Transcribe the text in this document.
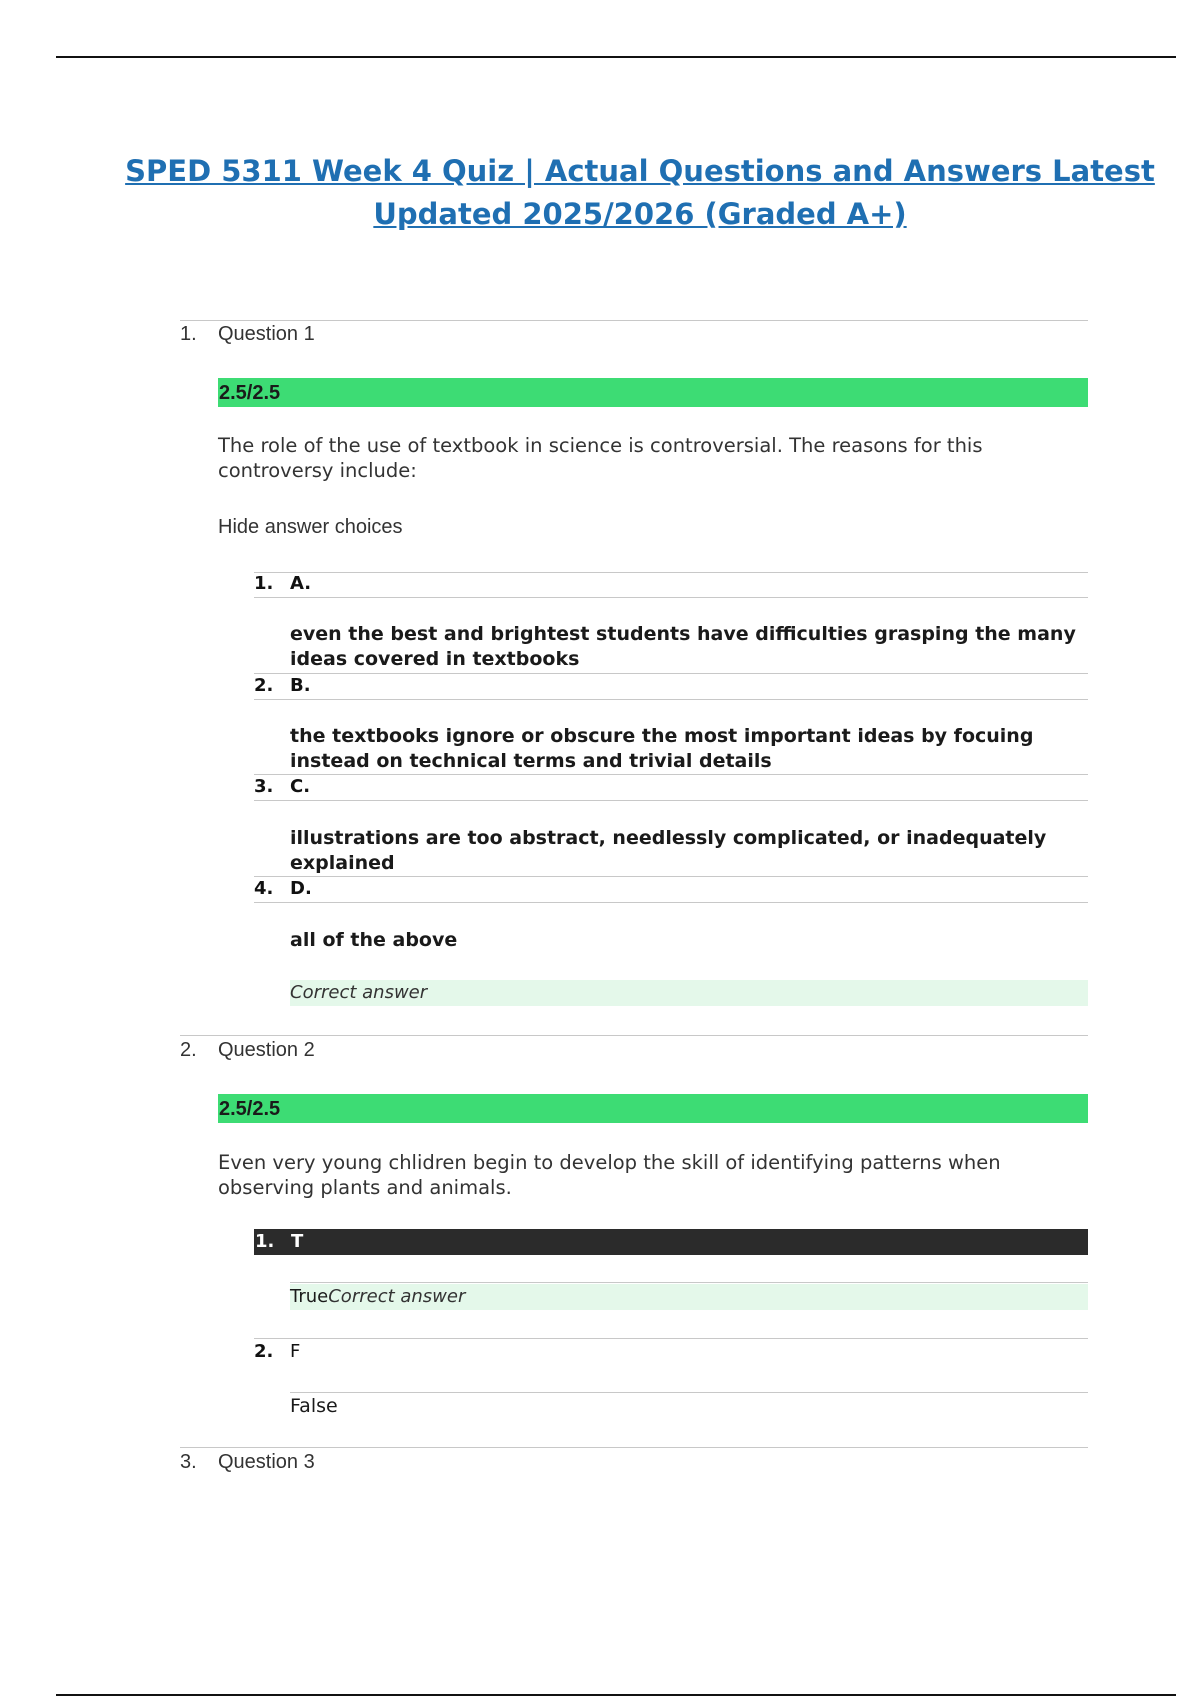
SPED 5311 Week 4 Quiz | Actual Questions and Answers Latest Updated 2025/2026 (Graded A+)
1. Question 1
2.5/2.5
The role of the use of textbook in science is controversial. The reasons for this controversy include:
Hide answer choices
1. A.
even the best and brightest students have difficulties grasping the many ideas covered in textbooks
2. B.
the textbooks ignore or obscure the most important ideas by focuing instead on technical terms and trivial details
3. C.
illustrations are too abstract, needlessly complicated, or inadequately explained
4. D.
all of the above
Correct answer
2. Question 2
2.5/2.5
Even very young chlidren begin to develop the skill of identifying patterns when observing plants and animals.
1. T
TrueCorrect answer
2. F
False
3. Question 3
